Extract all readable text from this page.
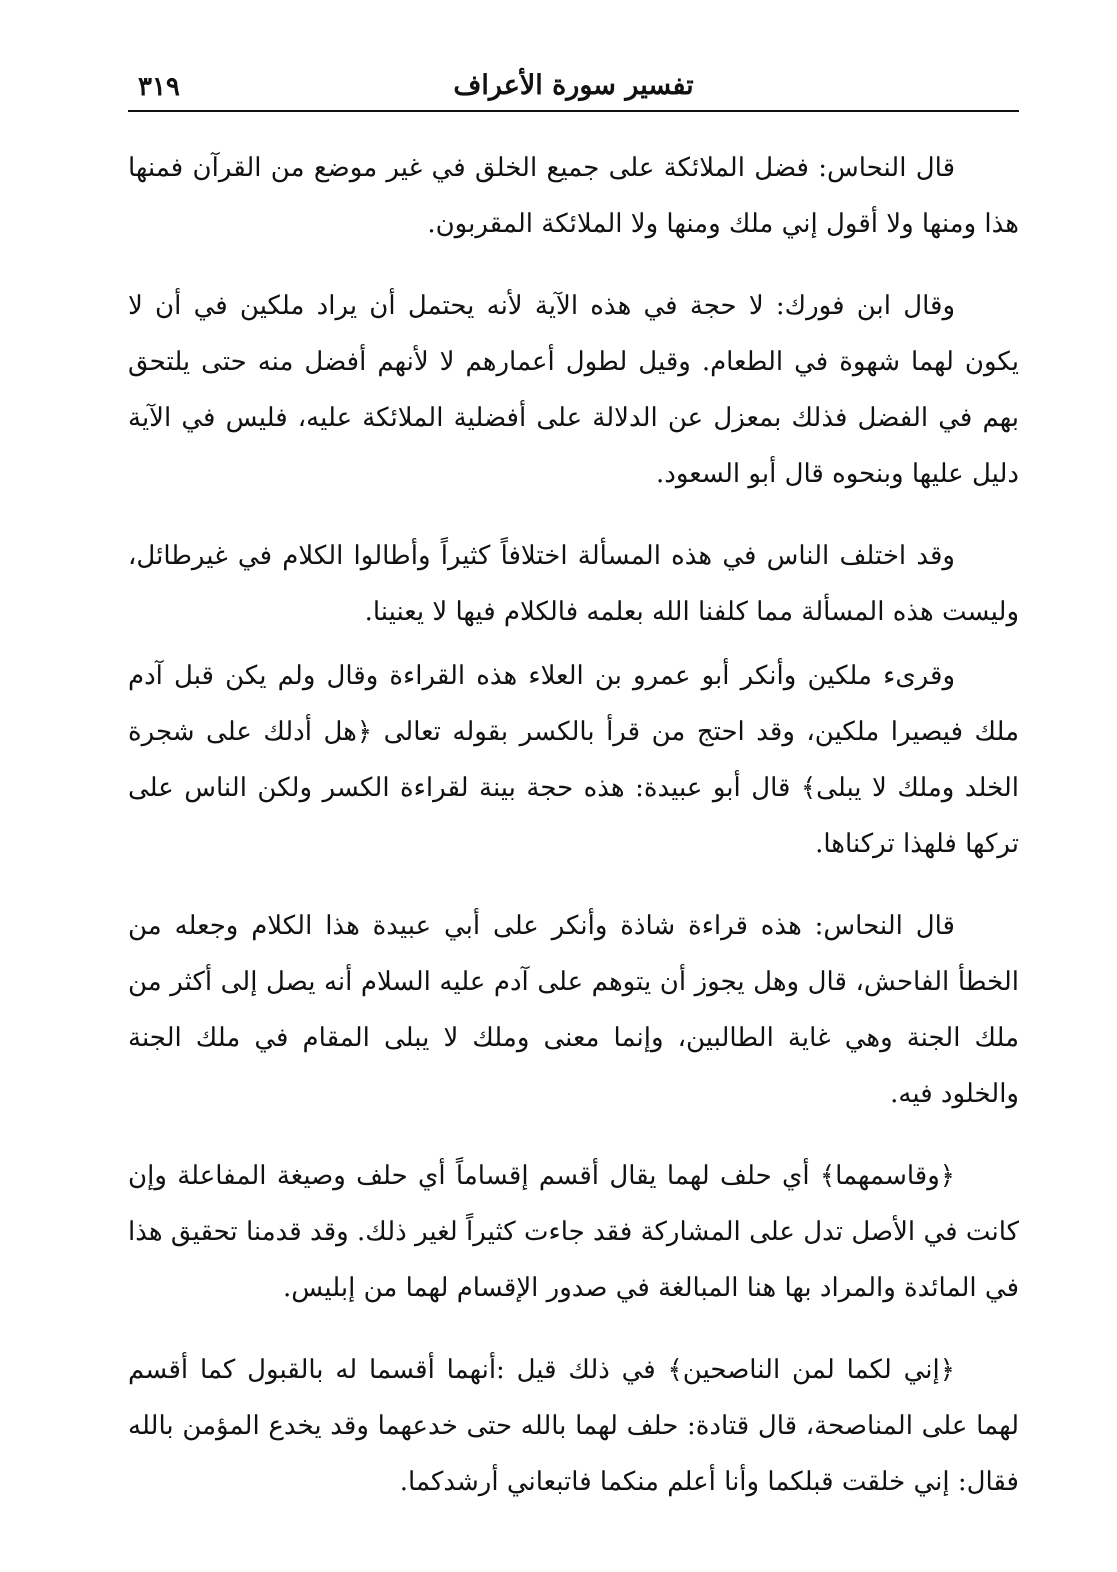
٣١٩	تفسير سورة الأعراف

قال النحاس: فضل الملائكة على جميع الخلق في غير موضع من القرآن فمنها هذا ومنها ولا أقول إني ملك ومنها ولا الملائكة المقربون.

وقال ابن فورك: لا حجة في هذه الآية لأنه يحتمل أن يراد ملكين في أن لا يكون لهما شهوة في الطعام. وقيل لطول أعمارهم لا لأنهم أفضل منه حتى يلتحق بهم في الفضل فذلك بمعزل عن الدلالة على أفضلية الملائكة عليه، فليس في الآية دليل عليها وبنحوه قال أبو السعود.

وقد اختلف الناس في هذه المسألة اختلافاً كثيراً وأطالوا الكلام في غيرطائل، وليست هذه المسألة مما كلفنا الله بعلمه فالكلام فيها لا يعنينا.

وقرىء ملكين وأنكر أبو عمرو بن العلاء هذه القراءة وقال ولم يكن قبل آدم ملك فيصيرا ملكين، وقد احتج من قرأ بالكسر بقوله تعالى ﴿هل أدلك على شجرة الخلد وملك لا يبلى﴾ قال أبو عبيدة: هذه حجة بينة لقراءة الكسر ولكن الناس على تركها فلهذا تركناها.

قال النحاس: هذه قراءة شاذة وأنكر على أبي عبيدة هذا الكلام وجعله من الخطأ الفاحش، قال وهل يجوز أن يتوهم على آدم عليه السلام أنه يصل إلى أكثر من ملك الجنة وهي غاية الطالبين، وإنما معنى وملك لا يبلى المقام في ملك الجنة والخلود فيه.

﴿وقاسمهما﴾ أي حلف لهما يقال أقسم إقساماً أي حلف وصيغة المفاعلة وإن كانت في الأصل تدل على المشاركة فقد جاءت كثيراً لغير ذلك. وقد قدمنا تحقيق هذا في المائدة والمراد بها هنا المبالغة في صدور الإقسام لهما من إبليس.

﴿إني لكما لمن الناصحين﴾ في ذلك قيل :أنهما أقسما له بالقبول كما أقسم لهما على المناصحة، قال قتادة: حلف لهما بالله حتى خدعهما وقد يخدع المؤمن بالله فقال: إني خلقت قبلكما وأنا أعلم منكما فاتبعاني أرشدكما.
